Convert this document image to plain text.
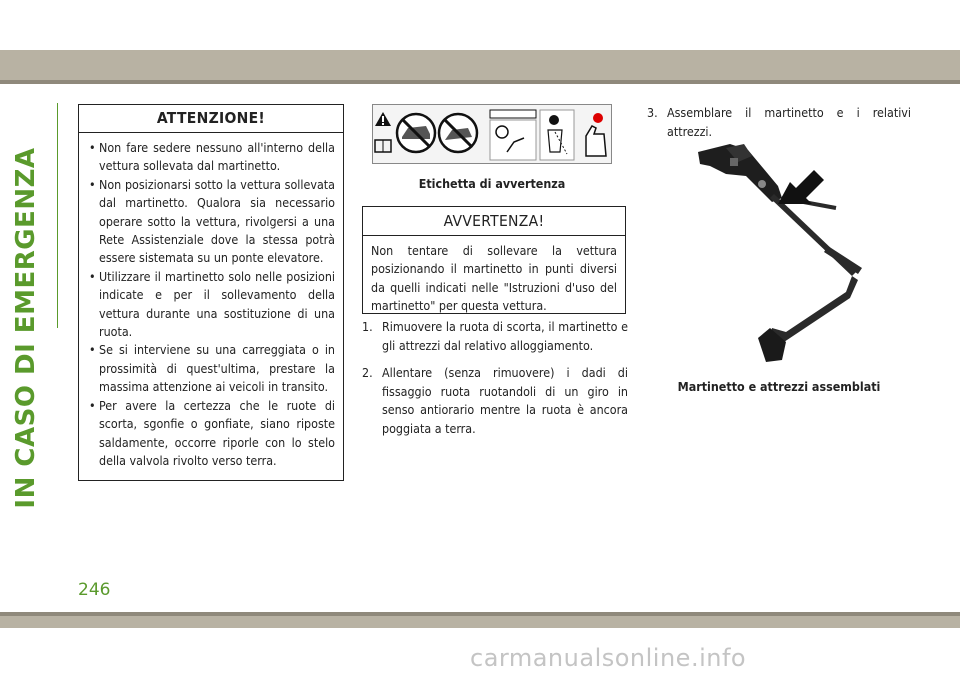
IN CASO DI EMERGENZA
ATTENZIONE!
• Non fare sedere nessuno all'interno della vettura sollevata dal martinetto.
• Non posizionarsi sotto la vettura sollevata dal martinetto. Qualora sia necessario operare sotto la vettura, rivolgersi a una Rete Assistenziale dove la stessa potrà essere sistemata su un ponte elevatore.
• Utilizzare il martinetto solo nelle posizioni indicate e per il sollevamento della vettura durante una sostituzione di una ruota.
• Se si interviene su una carreggiata o in prossimità di quest'ultima, prestare la massima attenzione ai veicoli in transito.
• Per avere la certezza che le ruote di scorta, sgonfie o gonfiate, siano riposte saldamente, occorre riporle con lo stelo della valvola rivolto verso terra.
Etichetta di avvertenza
AVVERTENZA!
Non tentare di sollevare la vettura posizionando il martinetto in punti diversi da quelli indicati nelle "Istruzioni d'uso del martinetto" per questa vettura.
1. Rimuovere la ruota di scorta, il martinetto e gli attrezzi dal relativo alloggiamento.
2. Allentare (senza rimuovere) i dadi di fissaggio ruota ruotandoli di un giro in senso antiorario mentre la ruota è ancora poggiata a terra.
3. Assemblare il martinetto e i relativi attrezzi.
Martinetto e attrezzi assemblati
246
carmanualsonline.info
